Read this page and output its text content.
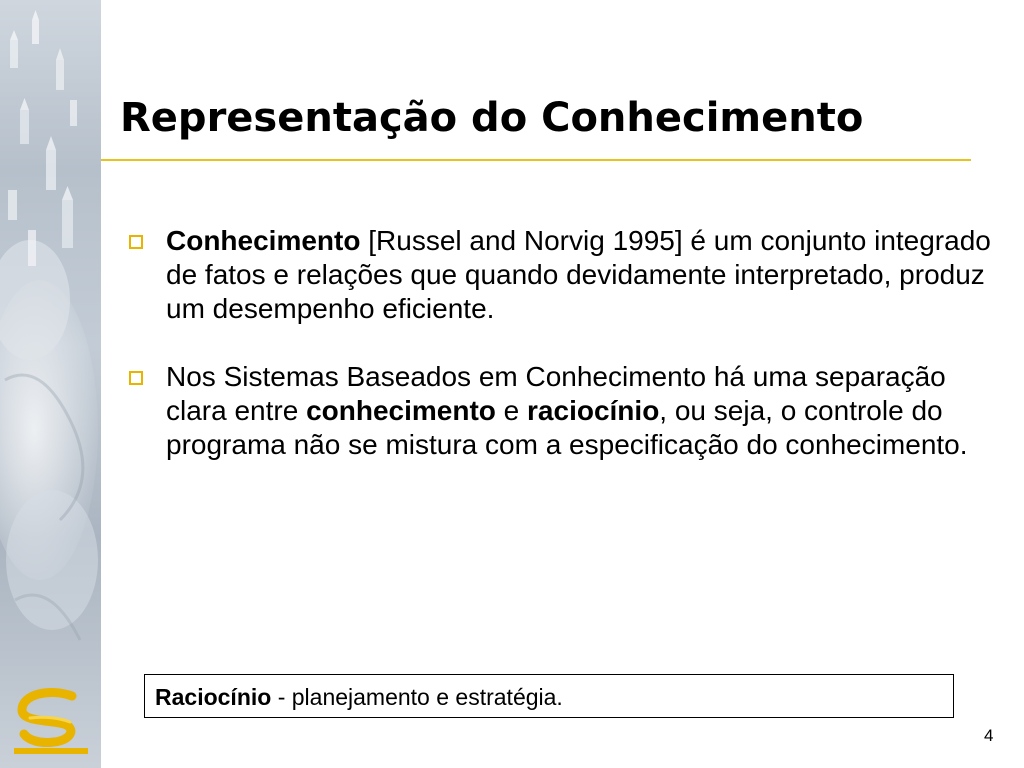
Representação do Conhecimento
Conhecimento [Russel and Norvig 1995] é um conjunto integrado de fatos e relações que quando devidamente interpretado, produz um desempenho eficiente.
Nos Sistemas Baseados em Conhecimento há uma separação clara entre conhecimento e raciocínio, ou seja, o controle do programa não se mistura com a especificação do conhecimento.
Raciocínio - planejamento e estratégia.
4
